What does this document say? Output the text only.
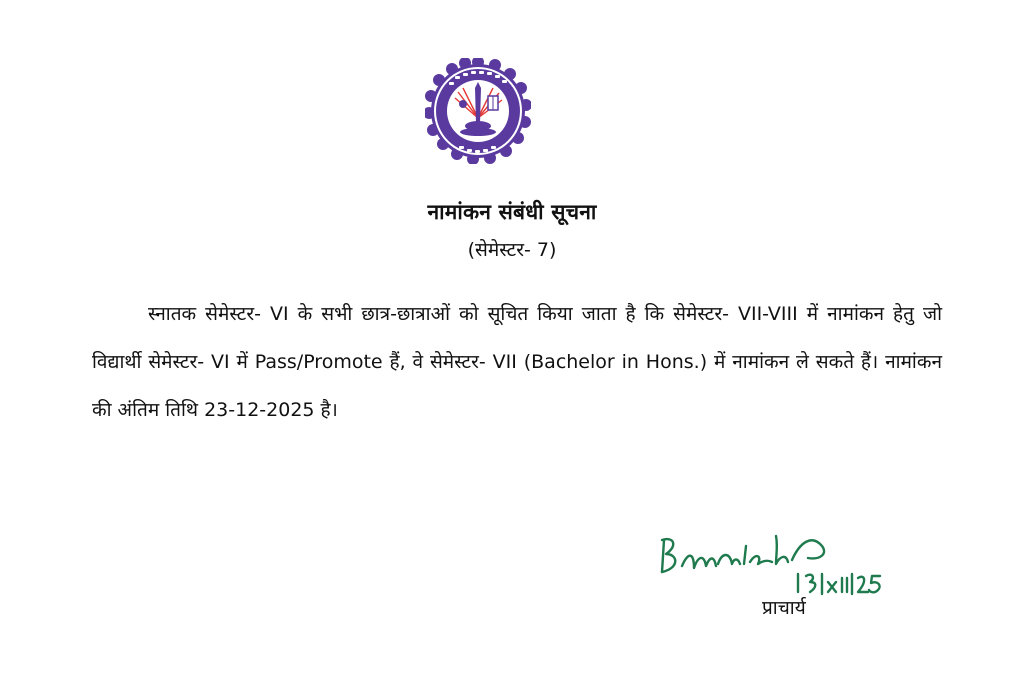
नामांकन संबंधी सूचना
(सेमेस्टर- 7)

स्नातक सेमेस्टर- VI के सभी छात्र-छात्राओं को सूचित किया जाता है कि सेमेस्टर- VII-VIII में नामांकन हेतु जो विद्यार्थी सेमेस्टर- VI में Pass/Promote हैं, वे सेमेस्टर- VII (Bachelor in Hons.) में नामांकन ले सकते हैं। नामांकन की अंतिम तिथि 23-12-2025 है।

प्राचार्य
